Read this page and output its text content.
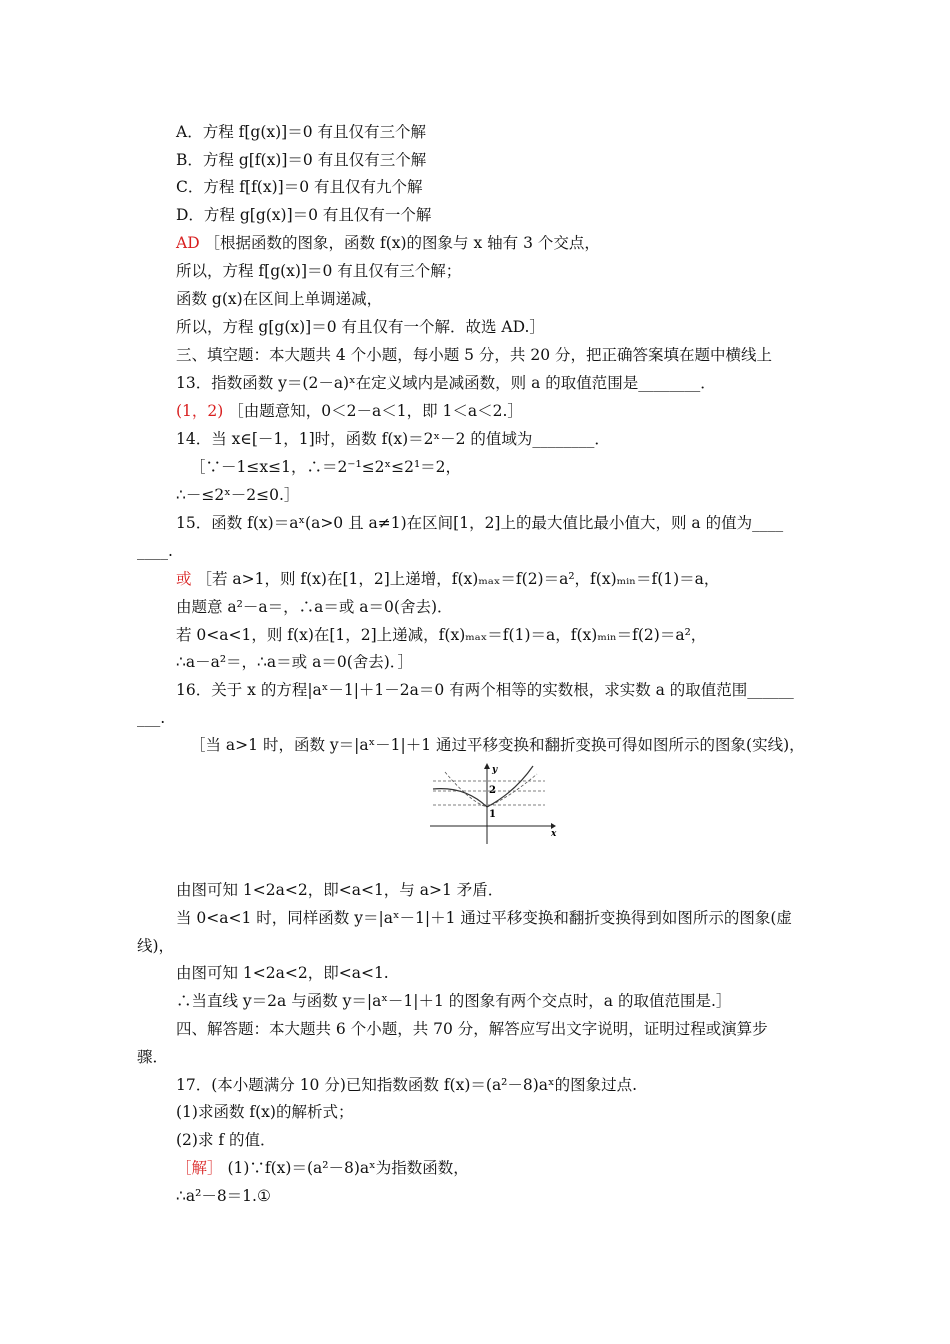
A．方程 f[g(x)]＝0 有且仅有三个解
B．方程 g[f(x)]＝0 有且仅有三个解
C．方程 f[f(x)]＝0 有且仅有九个解
D．方程 g[g(x)]＝0 有且仅有一个解
AD ［根据函数的图象，函数 f(x)的图象与 x 轴有 3 个交点，
所以，方程 f[g(x)]＝0 有且仅有三个解；
函数 g(x)在区间上单调递减，
所以，方程 g[g(x)]＝0 有且仅有一个解．故选 AD.］
三、填空题：本大题共 4 个小题，每小题 5 分，共 20 分，把正确答案填在题中横线上
13．指数函数 y＝(2－a)ˣ在定义域内是减函数，则 a 的取值范围是________．
(1，2) ［由题意知，0＜2－a＜1，即 1＜a＜2.］
14．当 x∈[－1，1]时，函数 f(x)＝2ˣ－2 的值域为________．
［∵－1≤x≤1，∴＝2⁻¹≤2ˣ≤2¹＝2，
∴－≤2ˣ－2≤0.］
15．函数 f(x)＝aˣ(a>0 且 a≠1)在区间[1，2]上的最大值比最小值大，则 a 的值为____
____.
或 ［若 a>1，则 f(x)在[1，2]上递增，f(x)ₘₐₓ＝f(2)＝a²，f(x)ₘᵢₙ＝f(1)＝a，
由题意 a²－a＝，∴a＝或 a＝0(舍去)．
若 0<a<1，则 f(x)在[1，2]上递减，f(x)ₘₐₓ＝f(1)＝a，f(x)ₘᵢₙ＝f(2)＝a²，
∴a－a²＝，∴a＝或 a＝0(舍去)．］
16．关于 x 的方程|aˣ－1|＋1－2a＝0 有两个相等的实数根，求实数 a 的取值范围______
___.
［当 a>1 时，函数 y＝|aˣ－1|＋1 通过平移变换和翻折变换可得如图所示的图象(实线)，
由图可知 1<2a<2，即<a<1，与 a>1 矛盾．
当 0<a<1 时，同样函数 y＝|aˣ－1|＋1 通过平移变换和翻折变换得到如图所示的图象(虚
线)，
由图可知 1<2a<2，即<a<1.
∴当直线 y＝2a 与函数 y＝|aˣ－1|＋1 的图象有两个交点时，a 的取值范围是.］
四、解答题：本大题共 6 个小题，共 70 分，解答应写出文字说明，证明过程或演算步
骤．
17．(本小题满分 10 分)已知指数函数 f(x)＝(a²－8)aˣ的图象过点.
(1)求函数 f(x)的解析式；
(2)求 f 的值．
［解］ (1)∵f(x)＝(a²－8)aˣ为指数函数，
∴a²－8＝1.①
y
x
2
1
